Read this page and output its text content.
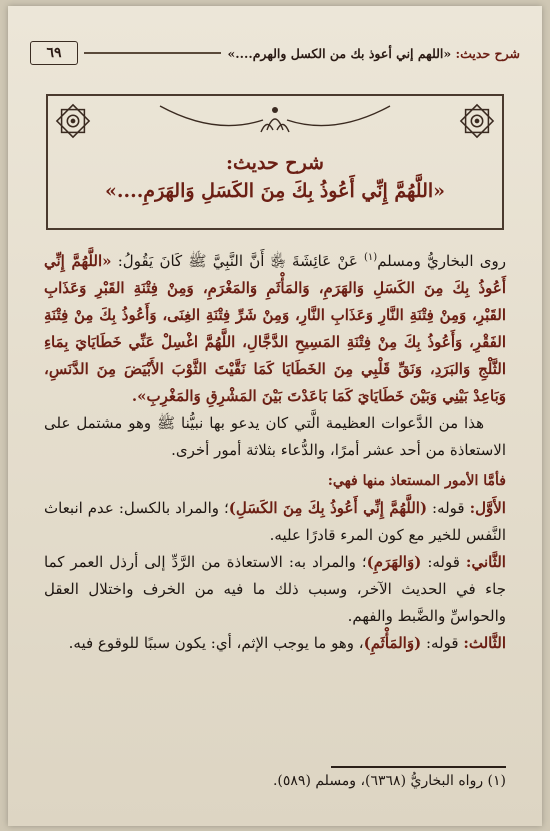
شرح حديث: «اللهم إني أعوذ بك من الكسل والهرم....»
٦٩
شرح حديث:
«اللَّهُمَّ إِنِّي أَعُوذُ بِكَ مِنَ الكَسَلِ وَالهَرَمِ....»

روى البخاريُّ ومسلم$^{(١)}$ عَنْ عَائِشَةَ ﵂ أَنَّ النَّبِيَّ ﷺ كَانَ يَقُولُ: «اللَّهُمَّ إِنِّي أَعُوذُ بِكَ مِنَ الكَسَلِ وَالهَرَمِ، وَالمَأْثَمِ وَالمَغْرَمِ، وَمِنْ فِتْنَةِ القَبْرِ وَعَذَابِ القَبْرِ، وَمِنْ فِتْنَةِ النَّارِ وَعَذَابِ النَّارِ، وَمِنْ شَرِّ فِتْنَةِ الغِنَى، وَأَعُوذُ بِكَ مِنْ فِتْنَةِ الفَقْرِ، وَأَعُوذُ بِكَ مِنْ فِتْنَةِ المَسِيحِ الدَّجَّالِ، اللَّهُمَّ اغْسِلْ عَنِّي خَطَايَايَ بِمَاءِ الثَّلْجِ وَالبَرَدِ، وَنَقِّ قَلْبِي مِنَ الخَطَايَا كَمَا نَقَّيْتَ الثَّوْبَ الأَبْيَضَ مِنَ الدَّنَسِ، وَبَاعِدْ بَيْنِي وَبَيْنَ خَطَايَايَ كَمَا بَاعَدْتَ بَيْنَ المَشْرِقِ وَالمَغْرِبِ».

هذا من الدَّعوات العظيمة الَّتي كان يدعو بها نبيُّنا ﷺ وهو مشتمل على الاستعاذة من أحد عشر أمرًا، والدُّعاء بثلاثة أمور أخرى.

فأمَّا الأمور المستعاذ منها فهي:

الأَوَّل: قوله: (اللَّهُمَّ إِنِّي أَعُوذُ بِكَ مِنَ الكَسَلِ)؛ والمراد بالكسل: عدم انبعاث النَّفس للخير مع كون المرء قادرًا عليه.

الثَّاني: قوله: (وَالهَرَمِ)؛ والمراد به: الاستعاذة من الرَّدِّ إلى أرذل العمر كما جاء في الحديث الآخر، وسبب ذلك ما فيه من الخرف واختلال العقل والحواسِّ والضَّبط والفهم.

الثَّالث: قوله: (وَالمَأْثَمِ)، وهو ما يوجب الإثم، أي: يكون سببًا للوقوع فيه.

(١) رواه البخاريُّ (٦٣٦٨)، ومسلم (٥٨٩).
